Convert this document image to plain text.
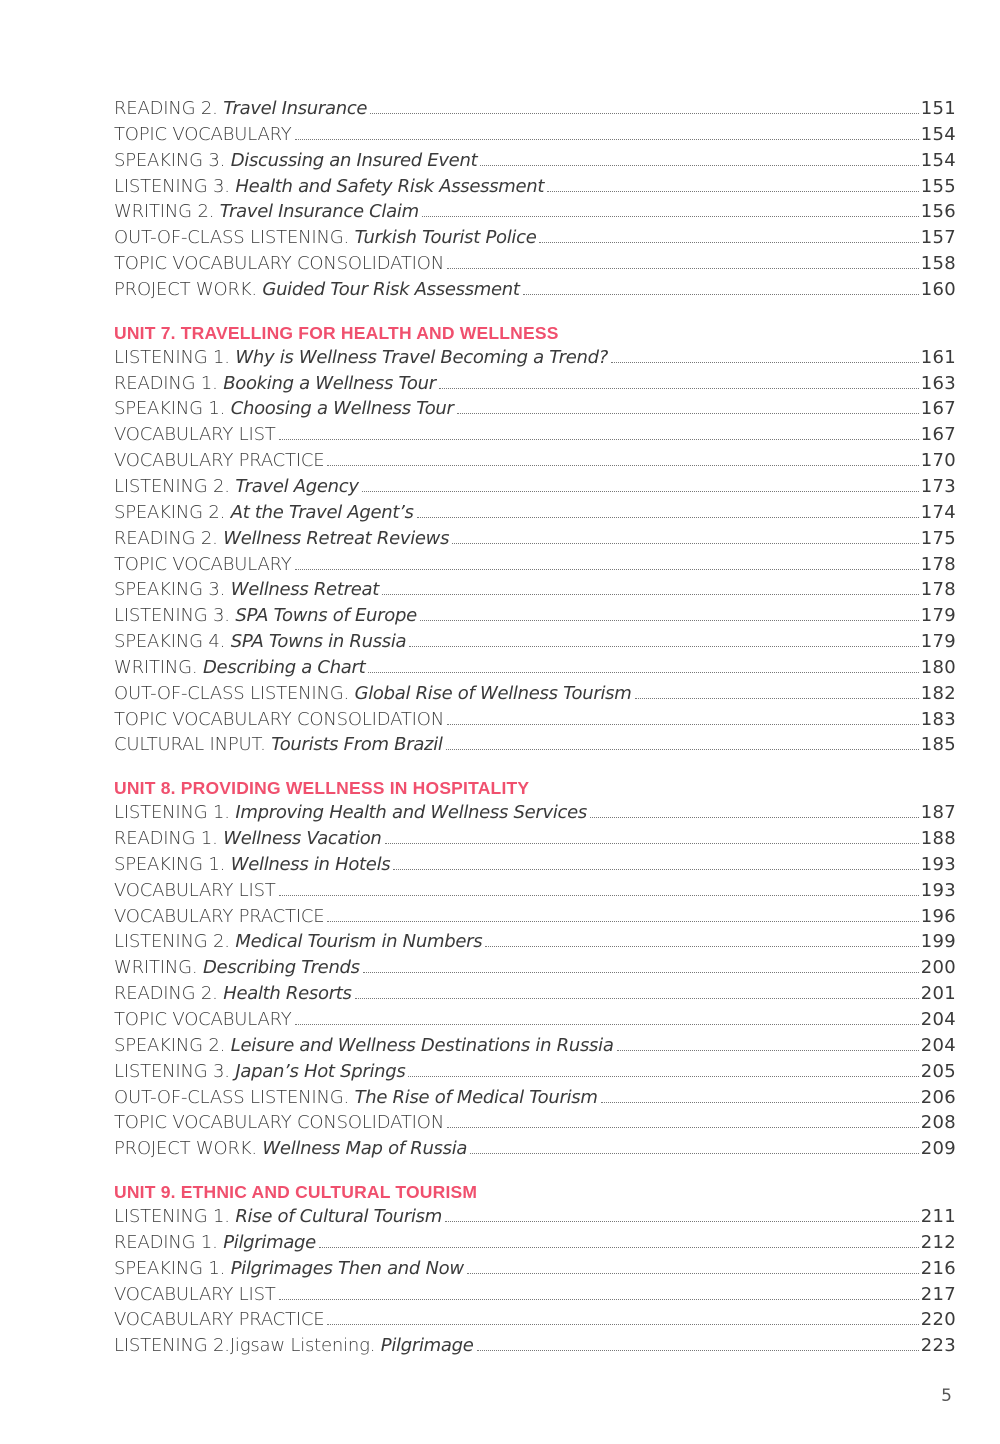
READING 2. Travel Insurance	151
TOPIC VOCABULARY	154
SPEAKING 3. Discussing an Insured Event	154
LISTENING 3. Health and Safety Risk Assessment	155
WRITING 2. Travel Insurance Claim	156
OUT-OF-CLASS LISTENING. Turkish Tourist Police	157
TOPIC VOCABULARY CONSOLIDATION	158
PROJECT WORK. Guided Tour Risk Assessment	160
UNIT 7. TRAVELLING FOR HEALTH AND WELLNESS
LISTENING 1. Why is Wellness Travel Becoming a Trend?	161
READING 1. Booking a Wellness Tour	163
SPEAKING 1. Choosing a Wellness Tour	167
VOCABULARY LIST	167
VOCABULARY PRACTICE	170
LISTENING 2. Travel Agency	173
SPEAKING 2. At the Travel Agent’s	174
READING 2. Wellness Retreat Reviews	175
TOPIC VOCABULARY	178
SPEAKING 3. Wellness Retreat	178
LISTENING 3. SPA Towns of Europe	179
SPEAKING 4. SPA Towns in Russia	179
WRITING. Describing a Chart	180
OUT-OF-CLASS LISTENING. Global Rise of Wellness Tourism	182
TOPIC VOCABULARY CONSOLIDATION	183
CULTURAL INPUT. Tourists From Brazil	185
UNIT 8. PROVIDING WELLNESS IN HOSPITALITY
LISTENING 1. Improving Health and Wellness Services	187
READING 1. Wellness Vacation	188
SPEAKING 1. Wellness in Hotels	193
VOCABULARY LIST	193
VOCABULARY PRACTICE	196
LISTENING 2. Medical Tourism in Numbers	199
WRITING. Describing Trends	200
READING 2. Health Resorts	201
TOPIC VOCABULARY	204
SPEAKING 2. Leisure and Wellness Destinations in Russia	204
LISTENING 3. Japan’s Hot Springs	205
OUT-OF-CLASS LISTENING. The Rise of Medical Tourism	206
TOPIC VOCABULARY CONSOLIDATION	208
PROJECT WORK. Wellness Map of Russia	209
UNIT 9. ETHNIC AND CULTURAL TOURISM
LISTENING 1. Rise of Cultural Tourism	211
READING 1. Pilgrimage	212
SPEAKING 1. Pilgrimages Then and Now	216
VOCABULARY LIST	217
VOCABULARY PRACTICE	220
LISTENING 2.Jigsaw Listening. Pilgrimage	223
5
